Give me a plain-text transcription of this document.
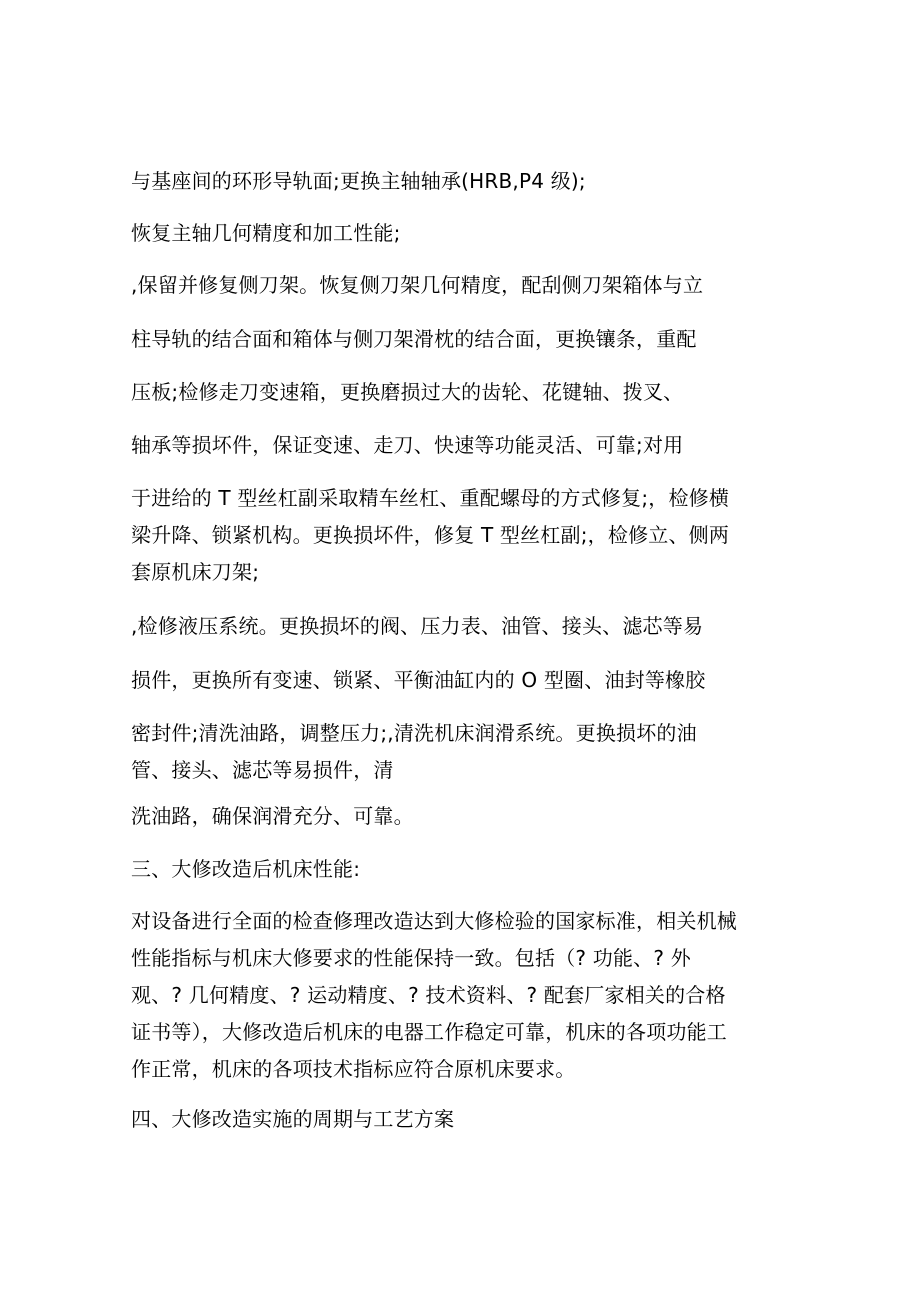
与基座间的环形导轨面;更换主轴轴承(HRB,P4 级);
恢复主轴几何精度和加工性能;
,保留并修复侧刀架。恢复侧刀架几何精度，配刮侧刀架箱体与立
柱导轨的结合面和箱体与侧刀架滑枕的结合面，更换镶条，重配
压板;检修走刀变速箱，更换磨损过大的齿轮、花键轴、拨叉、
轴承等损坏件，保证变速、走刀、快速等功能灵活、可靠;对用
于进给的 T 型丝杠副采取精车丝杠、重配螺母的方式修复;，检修横
梁升降、锁紧机构。更换损坏件，修复 T 型丝杠副;，检修立、侧两
套原机床刀架;
,检修液压系统。更换损坏的阀、压力表、油管、接头、滤芯等易
损件，更换所有变速、锁紧、平衡油缸内的 O 型圈、油封等橡胶
密封件;清洗油路，调整压力;,清洗机床润滑系统。更换损坏的油
管、接头、滤芯等易损件，清
洗油路，确保润滑充分、可靠。
三、大修改造后机床性能:
对设备进行全面的检查修理改造达到大修检验的国家标准，相关机械
性能指标与机床大修要求的性能保持一致。包括（? 功能、? 外
观、? 几何精度、? 运动精度、? 技术资料、? 配套厂家相关的合格
证书等），大修改造后机床的电器工作稳定可靠，机床的各项功能工
作正常，机床的各项技术指标应符合原机床要求。
四、大修改造实施的周期与工艺方案
